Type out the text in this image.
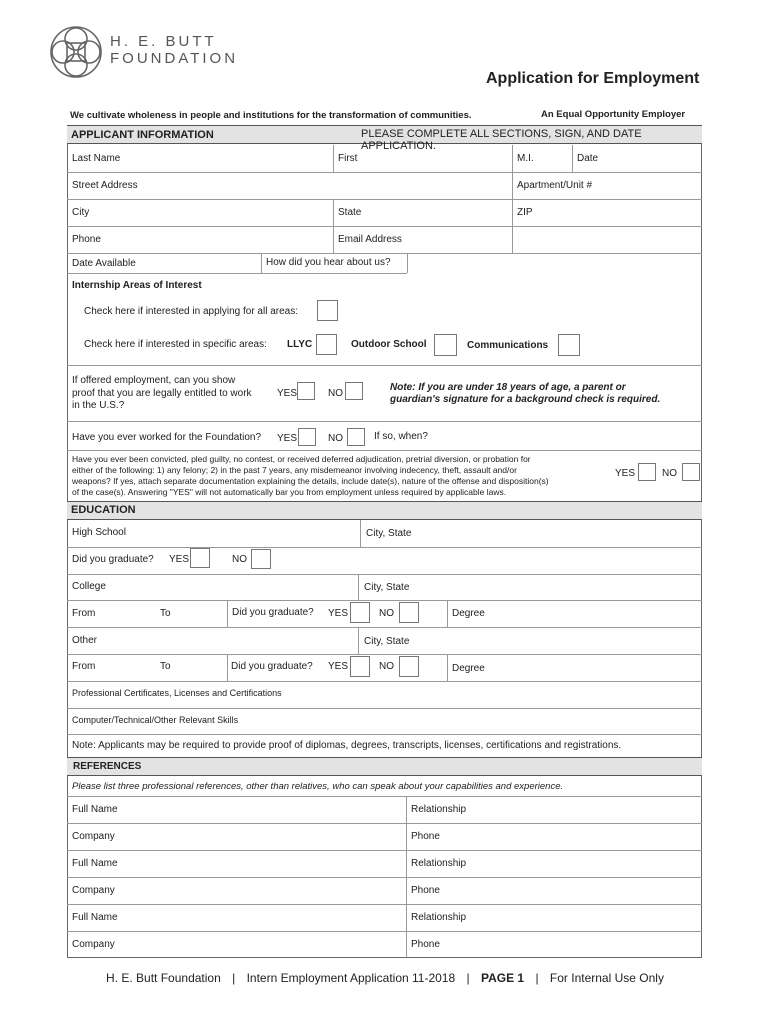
H. E. BUTT
FOUNDATION
Application for Employment
We cultivate wholeness in people and institutions for the transformation of communities.	An Equal Opportunity Employer
APPLICANT INFORMATION	PLEASE COMPLETE ALL SECTIONS, SIGN, AND DATE APPLICATION.
Last Name	First	M.I.	Date
Street Address	Apartment/Unit #
City	State	ZIP
Phone	Email Address
Date Available	How did you hear about us?
Internship Areas of Interest
Check here if interested in applying for all areas:
Check here if interested in specific areas: LLYC	Outdoor School	Communications
If offered employment, can you show
proof that you are legally entitled to work
in the U.S.?
YES	NO
Note: If you are under 18 years of age, a parent or
guardian's signature for a background check is required.
Have you ever worked for the Foundation? YES	NO	If so, when?
Have you ever been convicted, pled guilty, no contest, or received deferred adjudication, pretrial diversion, or probation for
either of the following: 1) any felony; 2) in the past 7 years, any misdemeanor involving indecency, theft, assault and/or
weapons? If yes, attach separate documentation explaining the details, include date(s), nature of the offense and disposition(s)
of the case(s). Answering "YES" will not automatically bar you from employment unless required by applicable laws.
YES	NO
EDUCATION
High School	City, State
Did you graduate? YES	NO
College	City, State
From	To	Did you graduate? YES	NO	Degree
Other	City, State
From	To	Did you graduate? YES	NO	Degree
Professional Certificates, Licenses and Certifications
Computer/Technical/Other Relevant Skills
Note: Applicants may be required to provide proof of diplomas, degrees, transcripts, licenses, certifications and registrations.
REFERENCES
Please list three professional references, other than relatives, who can speak about your capabilities and experience.
Full Name	Relationship
Company	Phone
Full Name	Relationship
Company	Phone
Full Name	Relationship
Company	Phone
H. E. Butt Foundation | Intern Employment Application 11-2018 | PAGE 1 | For Internal Use Only
